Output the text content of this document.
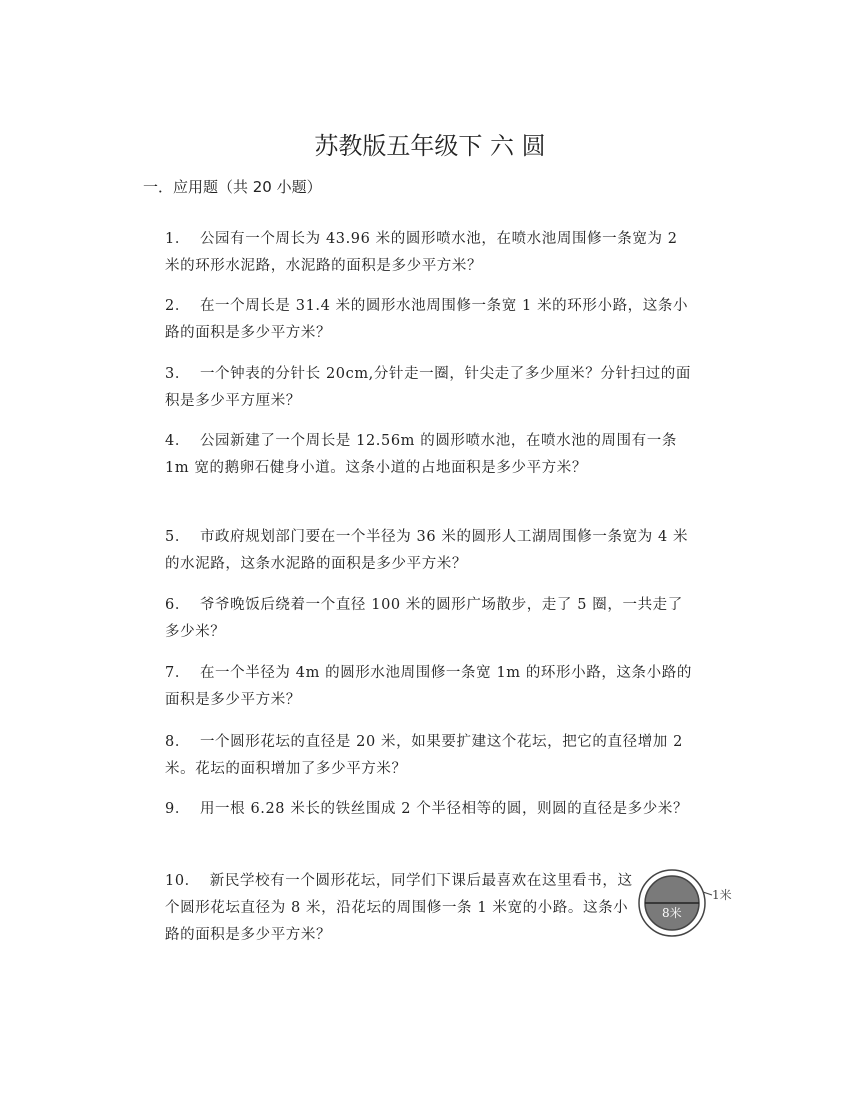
苏教版五年级下 六 圆
一．应用题（共 20 小题）
1． 公园有一个周长为 43.96 米的圆形喷水池，在喷水池周围修一条宽为 2 米的环形水泥路，水泥路的面积是多少平方米？
2． 在一个周长是 31.4 米的圆形水池周围修一条宽 1 米的环形小路，这条小路的面积是多少平方米？
3． 一个钟表的分针长 20cm,分针走一圈，针尖走了多少厘米？分针扫过的面积是多少平方厘米？
4． 公园新建了一个周长是 12.56m 的圆形喷水池，在喷水池的周围有一条 1m 宽的鹅卵石健身小道。这条小道的占地面积是多少平方米？
5． 市政府规划部门要在一个半径为 36 米的圆形人工湖周围修一条宽为 4 米的水泥路，这条水泥路的面积是多少平方米？
6． 爷爷晚饭后绕着一个直径 100 米的圆形广场散步，走了 5 圈，一共走了多少米？
7． 在一个半径为 4m 的圆形水池周围修一条宽 1m 的环形小路，这条小路的面积是多少平方米？
8． 一个圆形花坛的直径是 20 米，如果要扩建这个花坛，把它的直径增加 2 米。花坛的面积增加了多少平方米？
9． 用一根 6.28 米长的铁丝围成 2 个半径相等的圆，则圆的直径是多少米？
10． 新民学校有一个圆形花坛，同学们下课后最喜欢在这里看书，这个圆形花坛直径为 8 米，沿花坛的周围修一条 1 米宽的小路。这条小路的面积是多少平方米？
1米
8米
